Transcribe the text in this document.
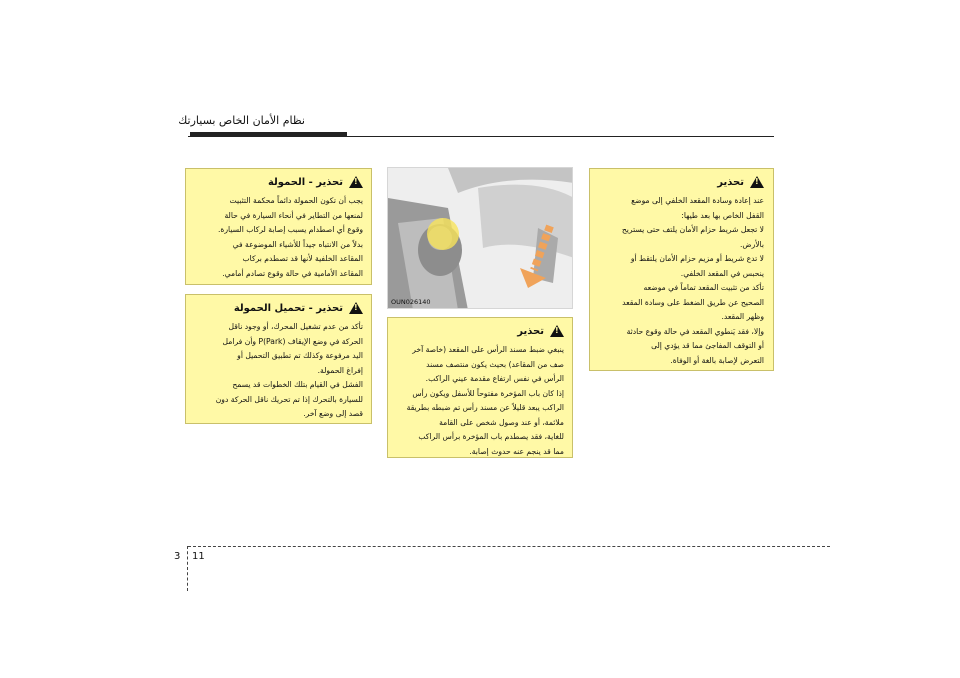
نظام الأمان الخاص بسيارتك
!
تحذير
عند إعادة وسادة المقعد الخلفي إلى موضع
القفل الخاص بها بعد طيها:
لا تجعل شريط حزام الأمان يلتف حتى يستريح
بالأرض.
لا تدع شريط أو مزيم حزام الأمان يلتقط أو
ينحبس في المقعد الخلفي.
تأكد من تثبيت المقعد تماماً في موضعه
الصحيح عن طريق الضغط على وسادة المقعد
وظهر المقعد.
وإلا، فقد يَنطوي المقعد في حالة وقوع حادثة
أو التوقف المفاجئ مما قد يؤدي إلى
التعرض لإصابة بالغة أو الوفاة.
OUN026140
!
تحذير
ينبغي ضبط مسند الرأس على المقعد (خاصة آخر
صف من المقاعد) بحيث يكون منتصف مسند
الرأس في نفس ارتفاع مقدمة عيني الراكب.
إذا كان باب المؤخرة مفتوحاً للأسفل ويكون رأس
الراكب يبعد قليلاً عن مسند رأس تم ضبطه بطريقة
ملائمة، أو عند وصول شخص على القامة
للغاية، فقد يصطدم باب المؤخرة برأس الراكب
مما قد ينجم عنه حدوث إصابة.
!
تحذير - الحمولة
يجب أن تكون الحمولة دائماً محكمة التثبيت
لمنعها من التطاير في أنحاء السيارة في حالة
وقوع أي اصطدام يسبب إصابة لركاب السيارة.
بدلاً من الانتباه جيداً للأشياء الموضوعة في
المقاعد الخلفية لأنها قد تصطدم بركاب
المقاعد الأمامية في حالة وقوع تصادم أمامي.
!
تحذير - تحميل الحمولة
تأكد من عدم تشغيل المحرك، أو وجود ناقل
الحركة في وضع الإيقاف (Park)P وأن فرامل
اليد مرفوعة وكذلك تم تطبيق التحميل أو
إفراغ الحمولة.
الفشل في القيام بتلك الخطوات قد يسمح
للسيارة بالتحرك إذا تم تحريك ناقل الحركة دون
قصد إلى وضع آخر.
3 11
